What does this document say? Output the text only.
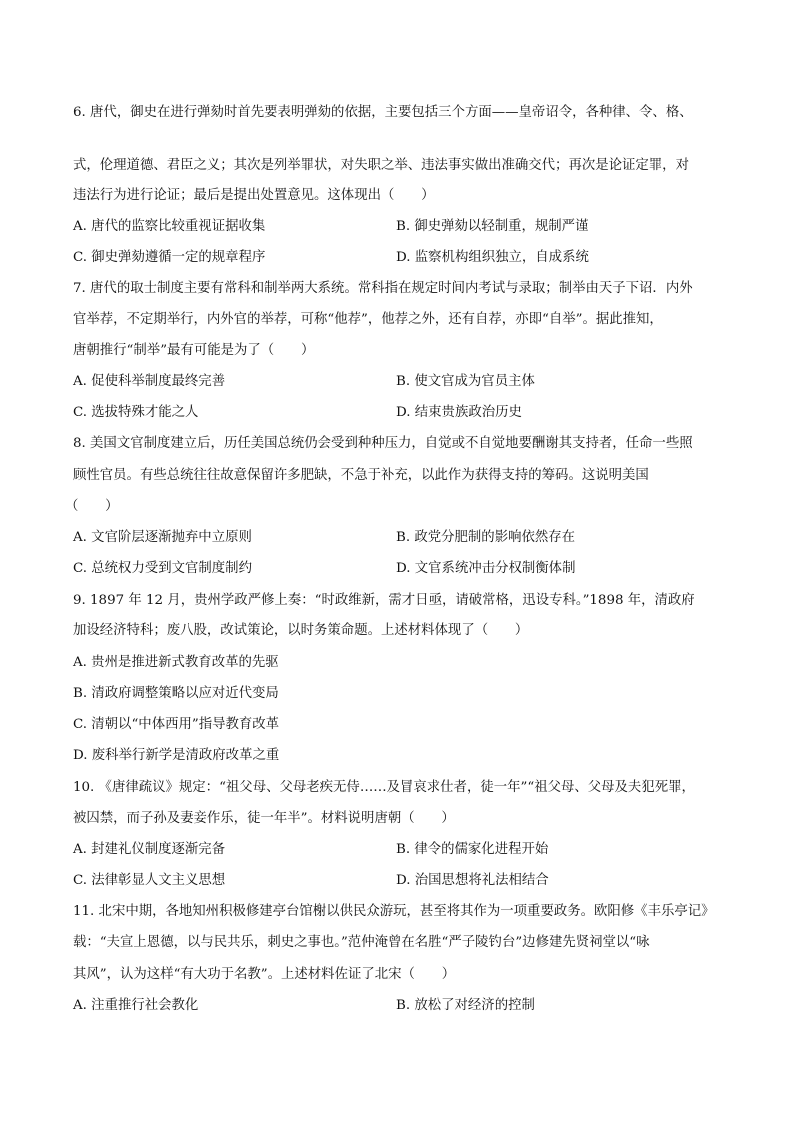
6. 唐代，御史在进行弹劾时首先要表明弹劾的依据，主要包括三个方面——皇帝诏令，各种律、令、格、
式，伦理道德、君臣之义；其次是列举罪状，对失职之举、违法事实做出准确交代；再次是论证定罪，对
违法行为进行论证；最后是提出处置意见。这体现出（　　）
A. 唐代的监察比较重视证据收集	B. 御史弹劾以轻制重，规制严谨
C. 御史弹劾遵循一定的规章程序	D. 监察机构组织独立，自成系统
7. 唐代的取士制度主要有常科和制举两大系统。常科指在规定时间内考试与录取；制举由天子下诏．内外
官举荐，不定期举行，内外官的举荐，可称“他荐”，他荐之外，还有自荐，亦即“自举”。据此推知，
唐朝推行“制举”最有可能是为了（　　）
A. 促使科举制度最终完善	B. 使文官成为官员主体
C. 选拔特殊才能之人	D. 结束贵族政治历史
8. 美国文官制度建立后，历任美国总统仍会受到种种压力，自觉或不自觉地要酬谢其支持者，任命一些照
顾性官员。有些总统往往故意保留许多肥缺，不急于补充，以此作为获得支持的筹码。这说明美国
（　　）
A. 文官阶层逐渐抛弃中立原则	B. 政党分肥制的影响依然存在
C. 总统权力受到文官制度制约	D. 文官系统冲击分权制衡体制
9. 1897 年 12 月，贵州学政严修上奏：“时政维新，需才日亟，请破常格，迅设专科。”1898 年，清政府
加设经济特科；废八股，改试策论，以时务策命题。上述材料体现了（　　）
A. 贵州是推进新式教育改革的先驱
B. 清政府调整策略以应对近代变局
C. 清朝以“中体西用”指导教育改革
D. 废科举行新学是清政府改革之重
10. 《唐律疏议》规定：“祖父母、父母老疾无侍……及冒哀求仕者，徒一年”“祖父母、父母及夫犯死罪，
被囚禁，而子孙及妻妾作乐，徒一年半”。材料说明唐朝（　　）
A. 封建礼仪制度逐渐完备	B. 律令的儒家化进程开始
C. 法律彰显人文主义思想	D. 治国思想将礼法相结合
11. 北宋中期，各地知州积极修建亭台馆榭以供民众游玩，甚至将其作为一项重要政务。欧阳修《丰乐亭记》
载：“夫宣上恩德，以与民共乐，刺史之事也。”范仲淹曾在名胜“严子陵钓台”边修建先贤祠堂以“咏
其风”，认为这样“有大功于名教”。上述材料佐证了北宋（　　）
A. 注重推行社会教化	B. 放松了对经济的控制
